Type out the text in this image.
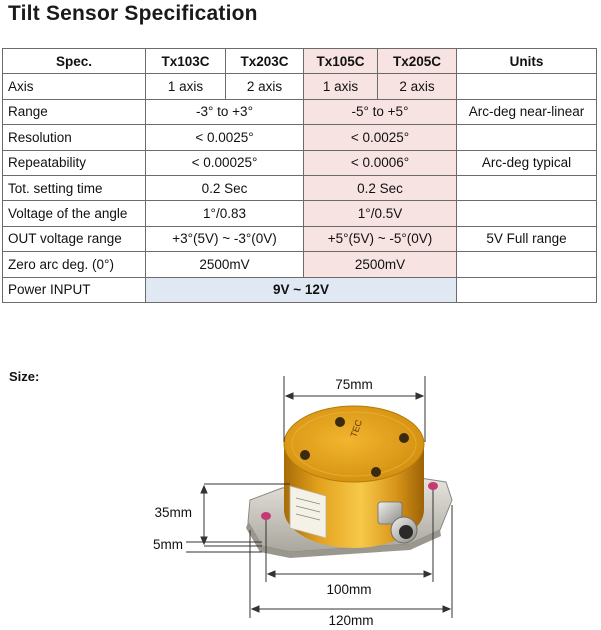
Tilt Sensor Specification
Spec.	Tx103C	Tx203C	Tx105C	Tx205C	Units
Axis	1 axis	2 axis	1 axis	2 axis	
Range	-3° to +3°		-5° to +5°		Arc-deg near-linear
Resolution	< 0.0025°		< 0.0025°		
Repeatability	< 0.00025°		< 0.0006°		Arc-deg typical
Tot. setting time	0.2 Sec		0.2 Sec		
Voltage of the angle	1°/0.83		1°/0.5V		
OUT voltage range	+3°(5V) ~ -3°(0V)		+5°(5V) ~ -5°(0V)		5V Full range
Zero arc deg. (0°)	2500mV		2500mV		
Power INPUT	9V ~ 12V				
Size:
TEC
75mm
35mm
5mm
100mm
120mm
